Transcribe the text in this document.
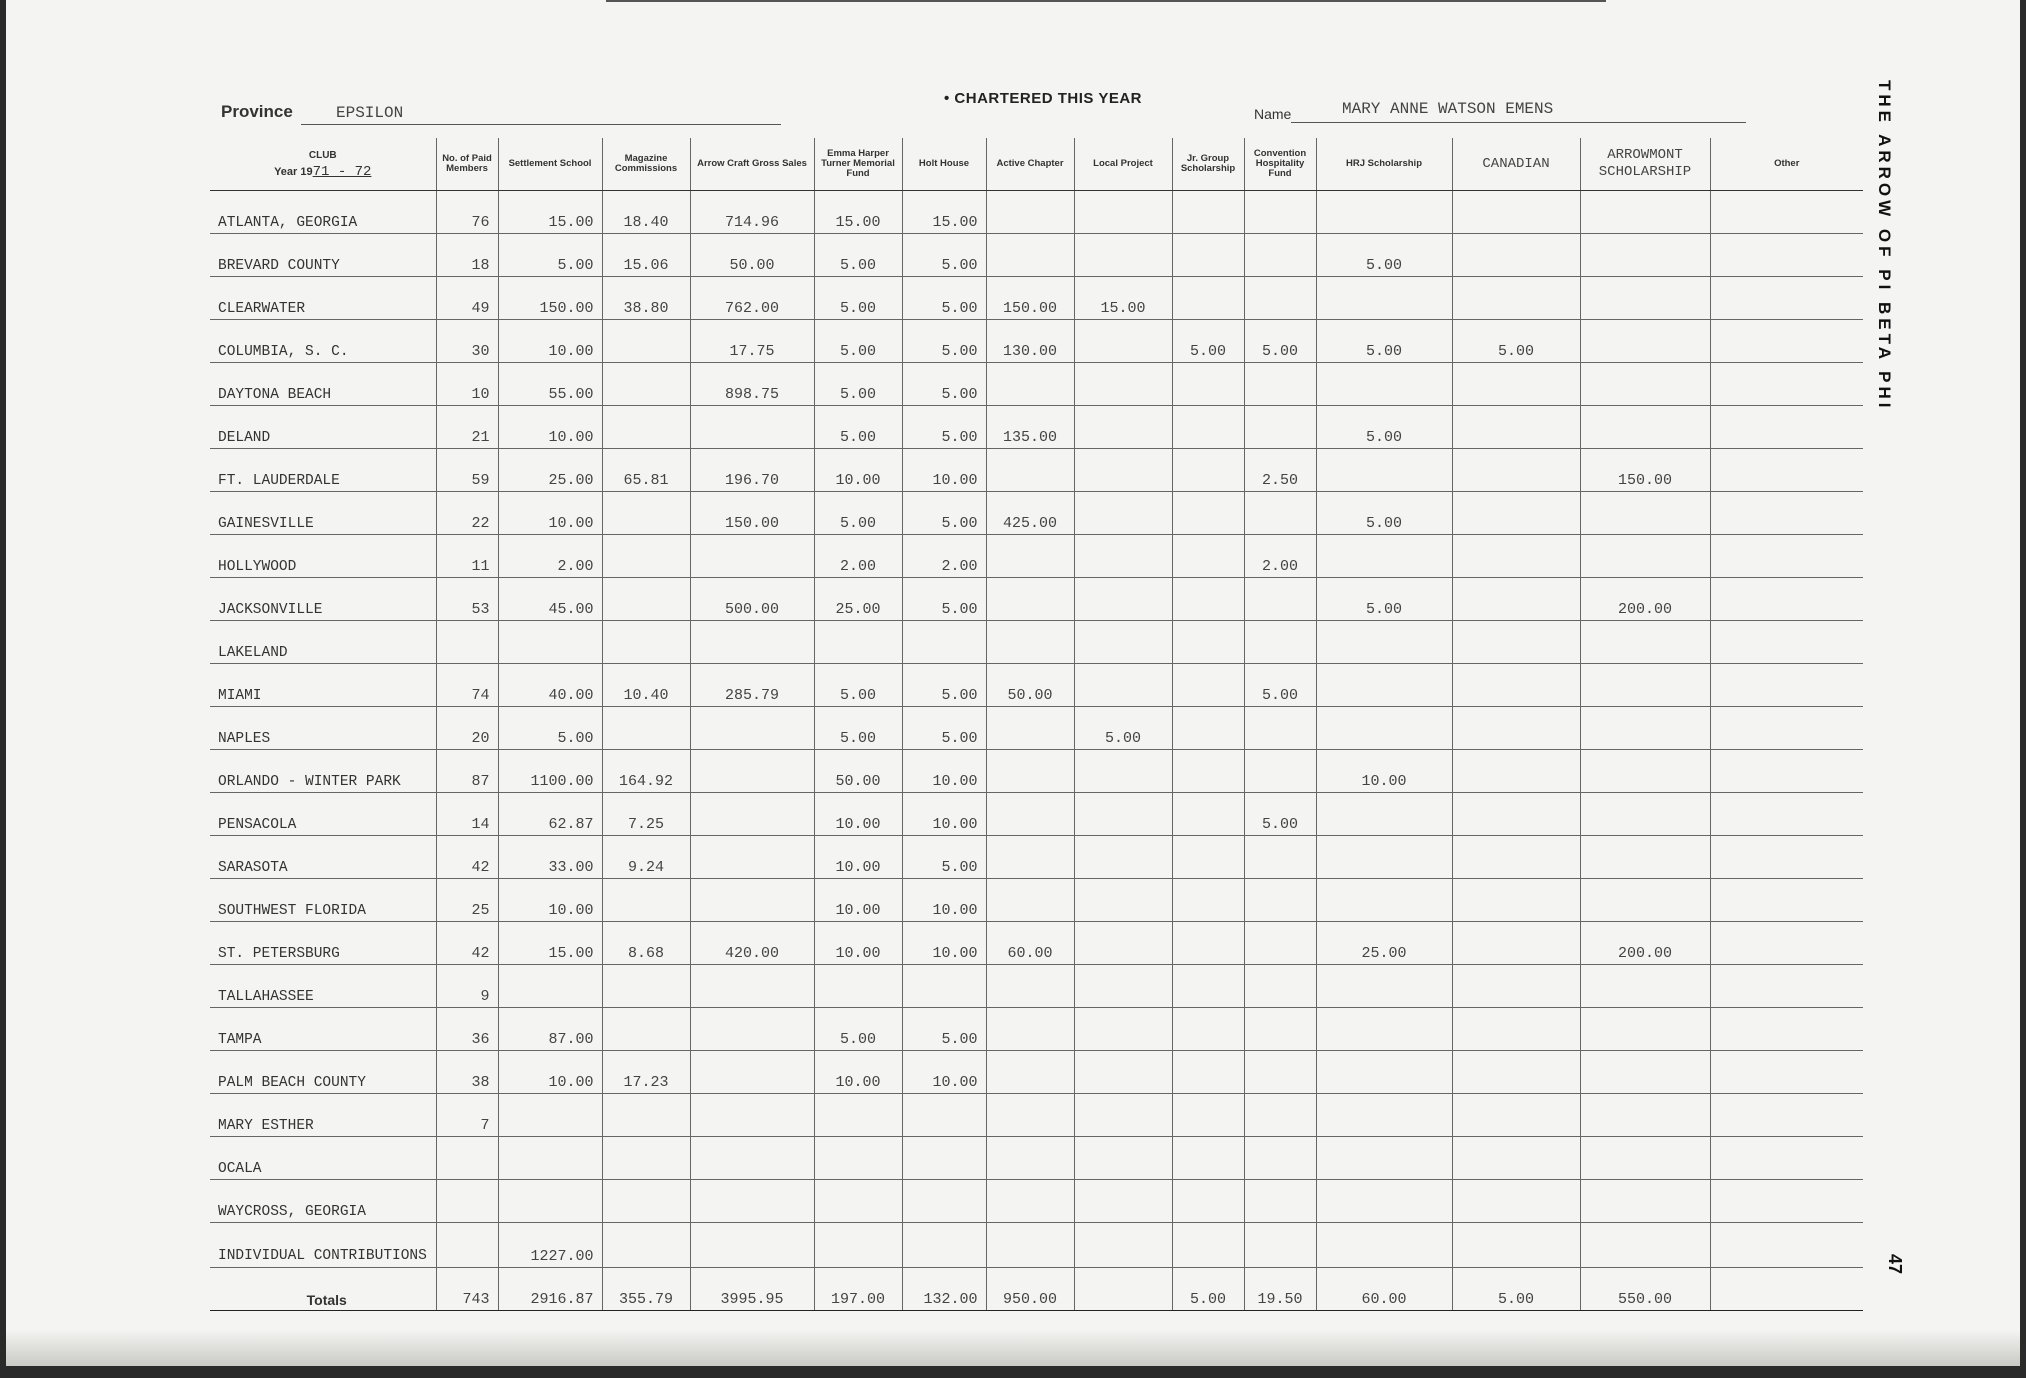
Province	EPSILON
• CHARTERED THIS YEAR
Name	MARY ANNE WATSON EMENS
CLUB
Year 1971 - 72	No. of Paid Members	Settlement School	Magazine Commissions	Arrow Craft Gross Sales	Emma Harper Turner Memorial Fund	Holt House	Active Chapter	Local Project	Jr. Group Scholarship	Convention Hospitality Fund	HRJ Scholarship	CANADIAN	ARROWMONT SCHOLARSHIP	Other
ATLANTA, GEORGIA	76	15.00	18.40	714.96	15.00	15.00								
BREVARD COUNTY	18	5.00	15.06	50.00	5.00	5.00					5.00			
CLEARWATER	49	150.00	38.80	762.00	5.00	5.00	150.00	15.00						
COLUMBIA, S. C.	30	10.00		17.75	5.00	5.00	130.00		5.00	5.00	5.00	5.00		
DAYTONA BEACH	10	55.00		898.75	5.00	5.00								
DELAND	21	10.00			5.00	5.00	135.00				5.00			
FT. LAUDERDALE	59	25.00	65.81	196.70	10.00	10.00				2.50			150.00	
GAINESVILLE	22	10.00		150.00	5.00	5.00	425.00				5.00			
HOLLYWOOD	11	2.00			2.00	2.00				2.00				
JACKSONVILLE	53	45.00		500.00	25.00	5.00					5.00		200.00	
LAKELAND														
MIAMI	74	40.00	10.40	285.79	5.00	5.00	50.00			5.00				
NAPLES	20	5.00			5.00	5.00		5.00						
ORLANDO - WINTER PARK	87	1100.00	164.92		50.00	10.00					10.00			
PENSACOLA	14	62.87	7.25		10.00	10.00				5.00				
SARASOTA	42	33.00	9.24		10.00	5.00								
SOUTHWEST FLORIDA	25	10.00			10.00	10.00								
ST. PETERSBURG	42	15.00	8.68	420.00	10.00	10.00	60.00				25.00		200.00	
TALLAHASSEE	9													
TAMPA	36	87.00			5.00	5.00								
PALM BEACH COUNTY	38	10.00	17.23		10.00	10.00								
MARY ESTHER	7													
OCALA														
WAYCROSS, GEORGIA														
INDIVIDUAL CONTRIBUTIONS		1227.00												
Totals	743	2916.87	355.79	3995.95	197.00	132.00	950.00		5.00	19.50	60.00	5.00	550.00	
THE ARROW OF PI BETA PHI
47
